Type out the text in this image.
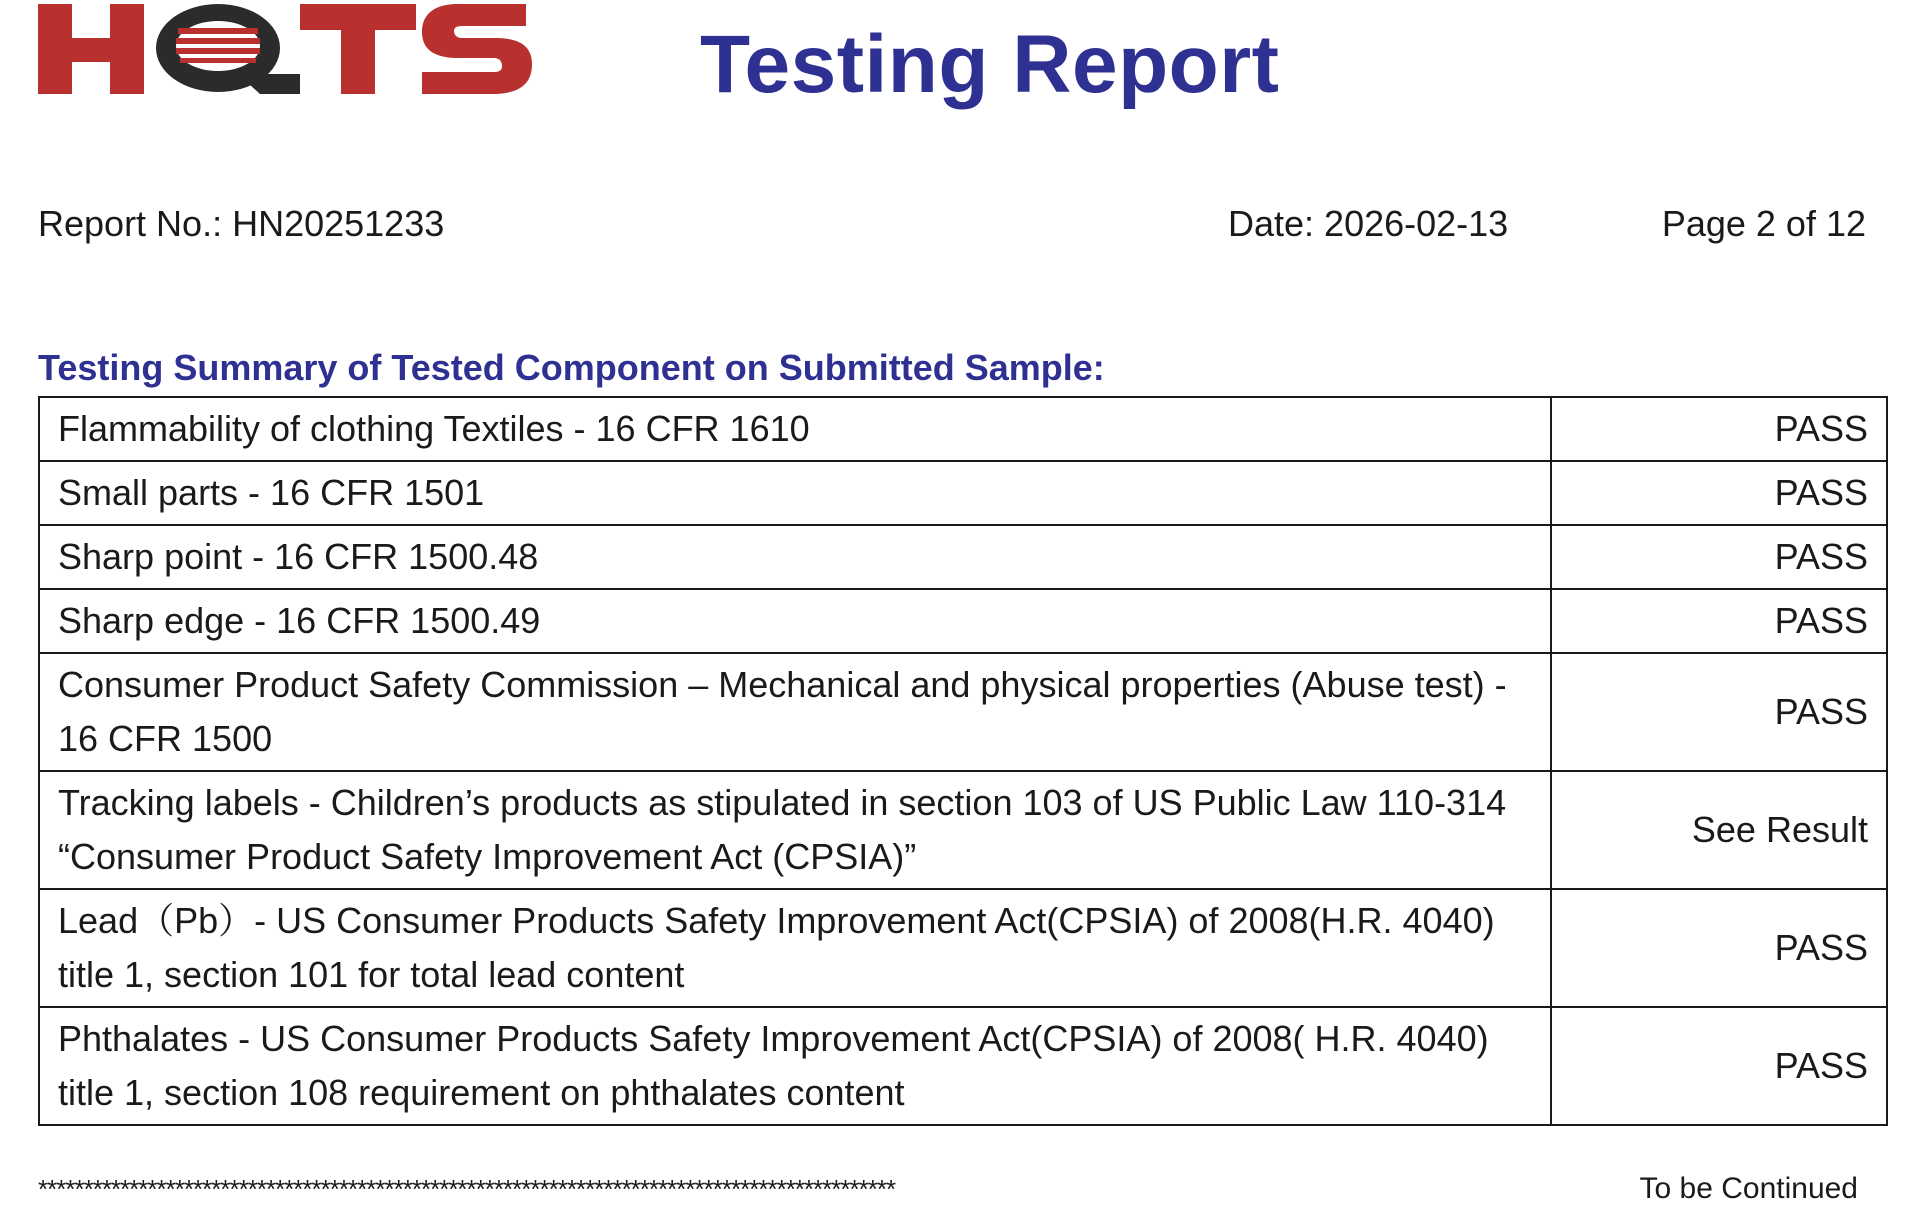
Testing Report
Report No.: HN20251233	Date: 2026-02-13	Page 2 of 12
Testing Summary of Tested Component on Submitted Sample:
Flammability of clothing Textiles - 16 CFR 1610	PASS
Small parts - 16 CFR 1501	PASS
Sharp point - 16 CFR 1500.48	PASS
Sharp edge - 16 CFR 1500.49	PASS
Consumer Product Safety Commission – Mechanical and physical properties (Abuse test) - 16 CFR 1500	PASS
Tracking labels - Children’s products as stipulated in section 103 of US Public Law 110-314 “Consumer Product Safety Improvement Act (CPSIA)”	See Result
Lead（Pb）- US Consumer Products Safety Improvement Act(CPSIA) of 2008(H.R. 4040) title 1, section 101 for total lead content	PASS
Phthalates - US Consumer Products Safety Improvement Act(CPSIA) of 2008( H.R. 4040) title 1, section 108 requirement on phthalates content	PASS
**********************************************************************************************	To be Continued
